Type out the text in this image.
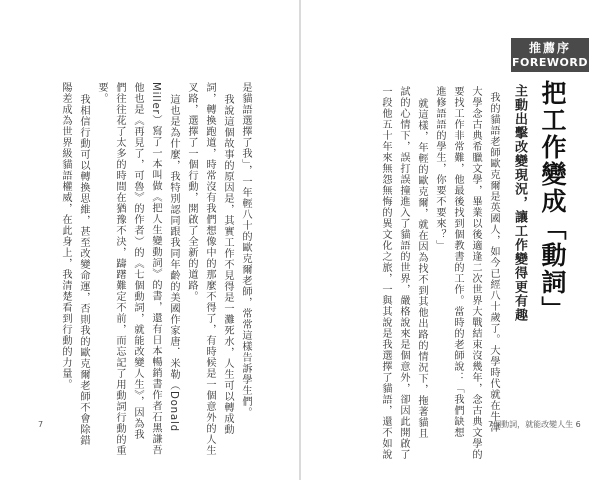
推薦序
FOREWORD
把工作變成「動詞」
主動出擊改變現況，讓工作變得更有趣
我的貓語老師歐克爾是英國人，如今已經八十歲了。大學時代就在牛津
大學念古典希臘文學，畢業以後適逢二次世界大戰結束沒幾年，念古典文學的
要找工作非常難，他最後找到個教書的工作。當時的老師說：「我們缺想
進修語語的學生，你要不要來？」
就這樣，年輕的歐克爾，就在因為找不到其他出路的情況下，拖著貓且
試的心情下，誤打誤撞進入了貓語的世界，嚴格說來是個意外，卻因此開啟了
一段他五十年來無怨無悔的異文化之旅，一與其說是我選擇了貓語，還不如說
是貓語選擇了我」，一年輕八十的歐克爾老師，常常這樣告訴學生們。
我說這個故事的原因是，其實工作不見得是一灘死水，人生可以轉成動
詞，轉換跑道，時常沒有我們想像中的那麼不得了，有時候是一個意外的人生
叉路，選擇了一個行動，開啟了全新的道路。
這也是為什麼，我特別認同跟我同年齡的美國作家唐．米勒（Donald
Miller）寫了一本叫做《把人生變動詞》的書，還有日本暢銷書作者石黑謙吾
他也是《再見了，可魯》的作者）的《七個動詞，就能改變人生》，因為我
們往往花了太多的時間在猶豫不決，躊躇難定不前，而忘記了用動詞行動的重
要。
我相信行動可以轉換思維，甚至改變命運，否則我的歐克爾老師不會除錯
陽差成為世界級貓語權威，在此身上，我清楚看到行動的力量。
7	7個動詞，就能改變人生 6
